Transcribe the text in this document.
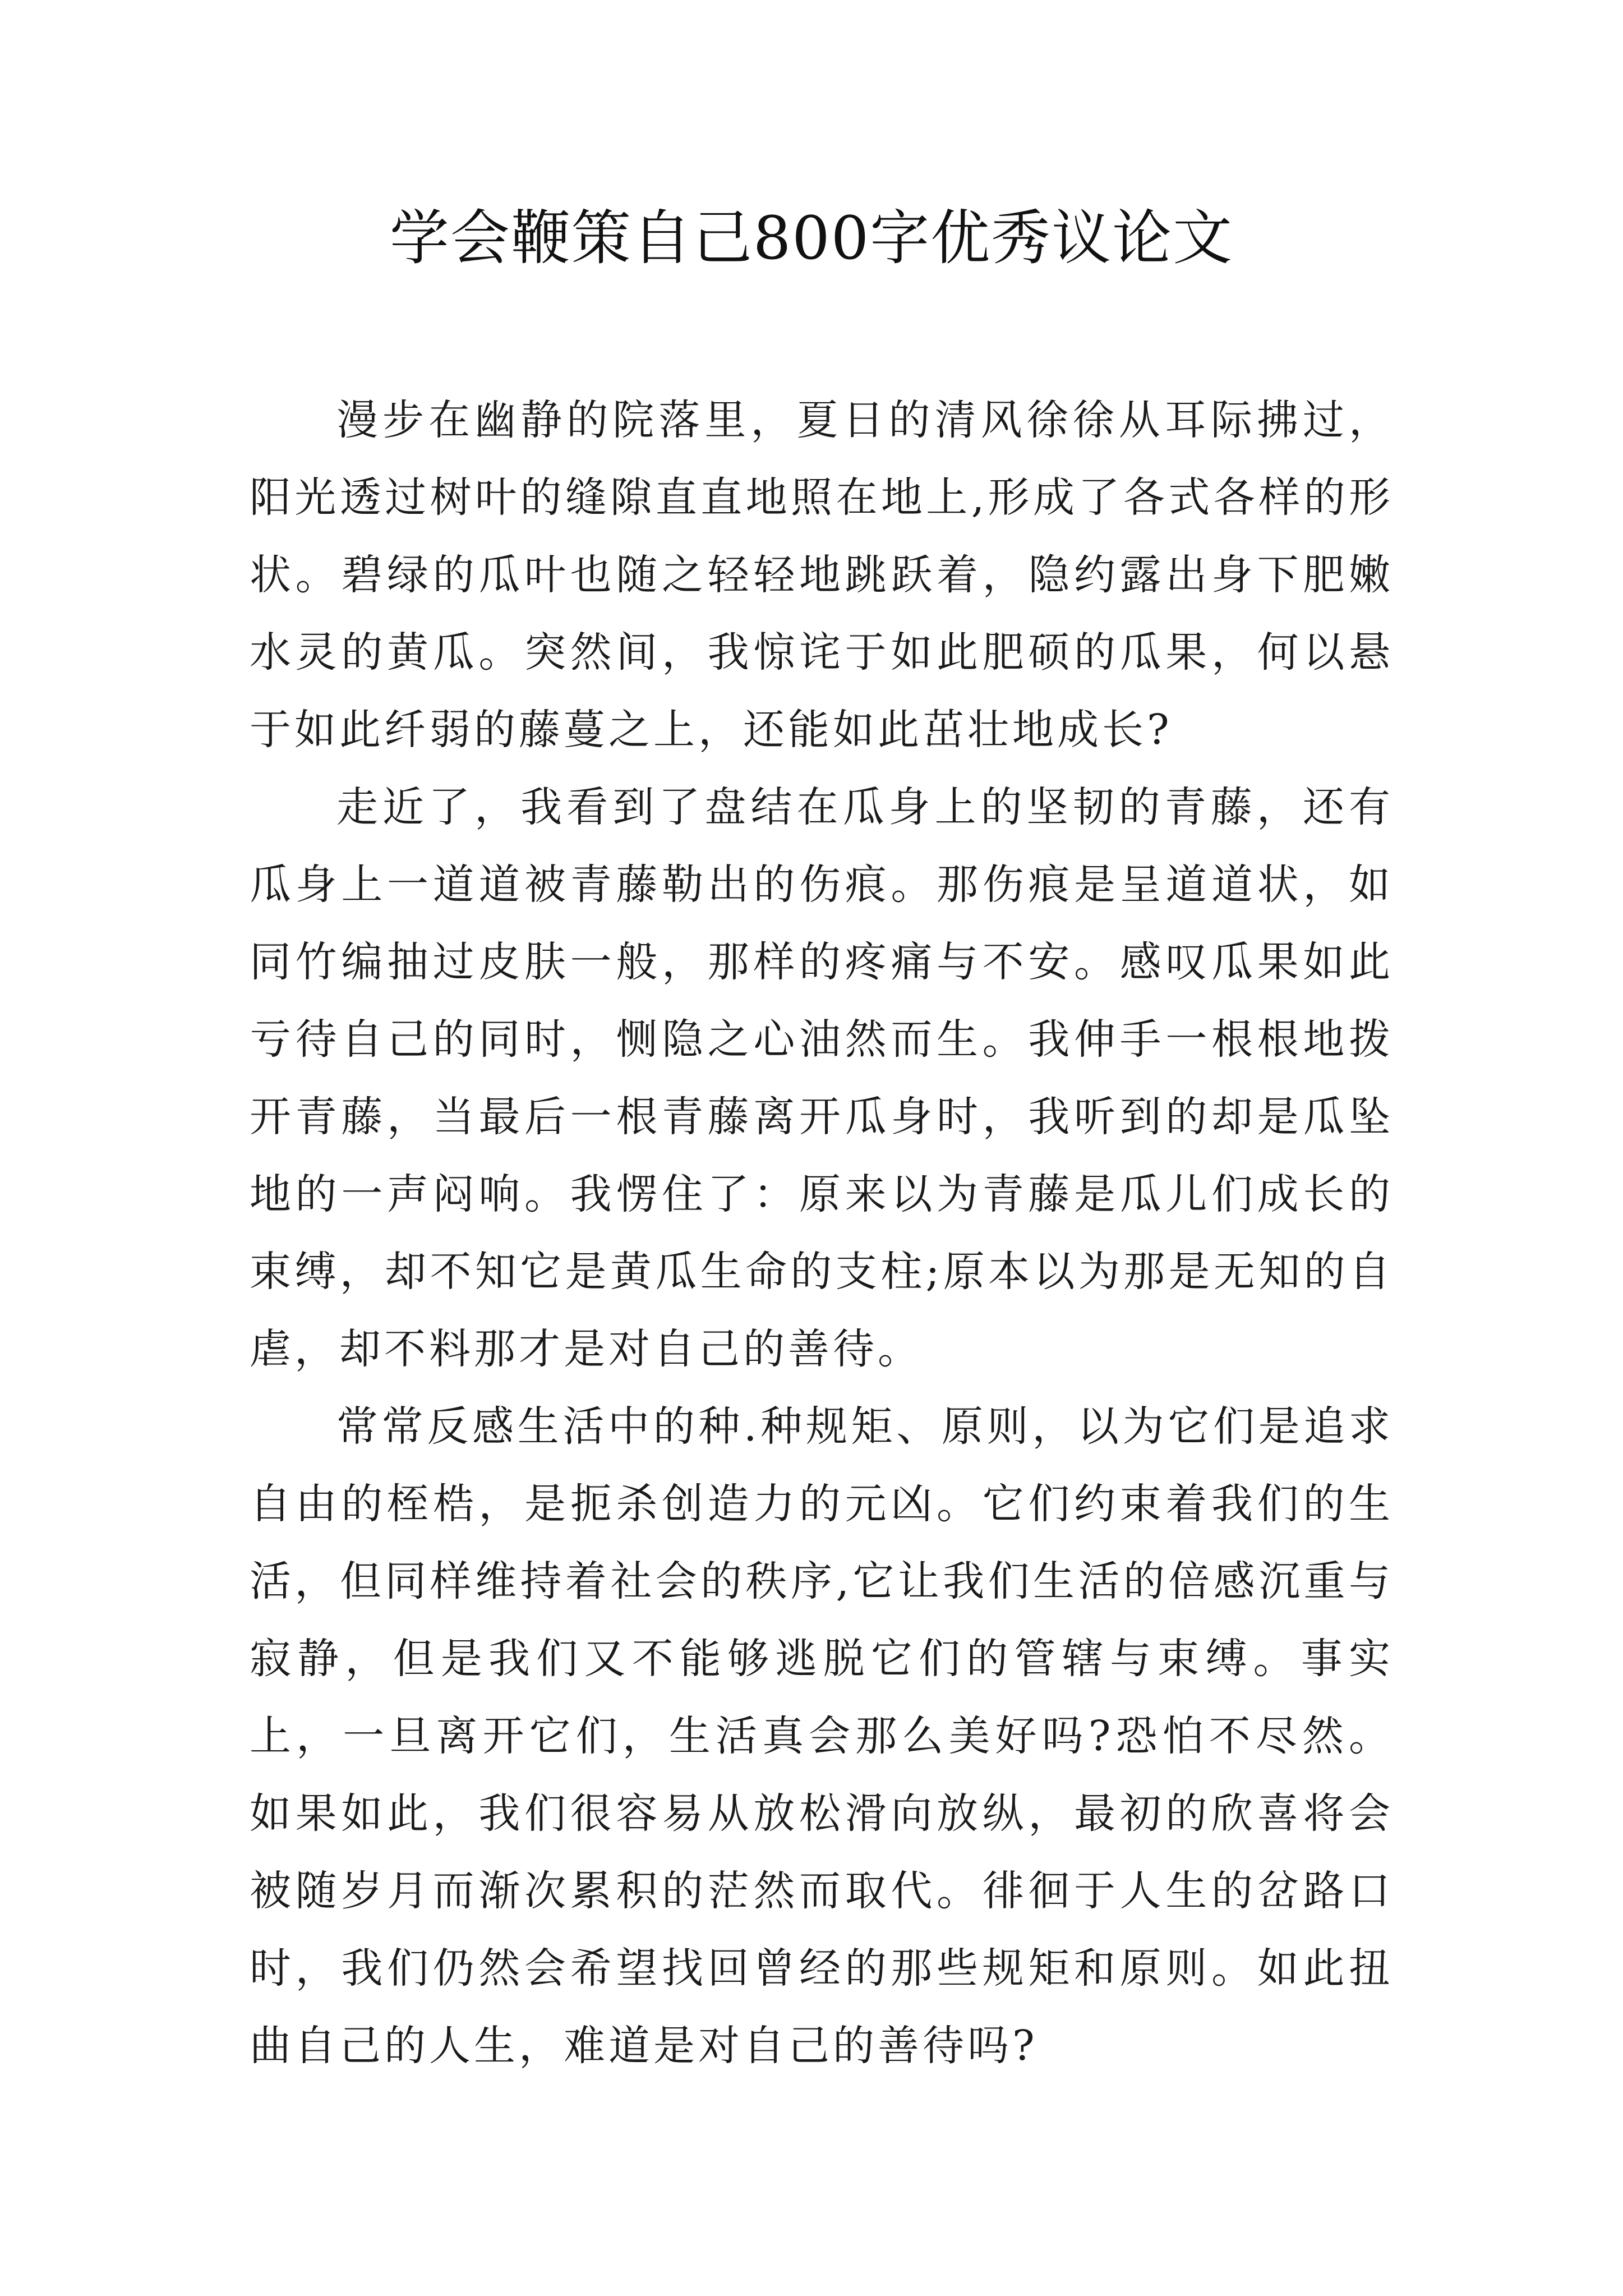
学会鞭策自己800字优秀议论文

漫步在幽静的院落里，夏日的清风徐徐从耳际拂过，阳光透过树叶的缝隙直直地照在地上,形成了各式各样的形状。碧绿的瓜叶也随之轻轻地跳跃着，隐约露出身下肥嫩水灵的黄瓜。突然间，我惊诧于如此肥硕的瓜果，何以悬于如此纤弱的藤蔓之上，还能如此茁壮地成长?

走近了，我看到了盘结在瓜身上的坚韧的青藤，还有瓜身上一道道被青藤勒出的伤痕。那伤痕是呈道道状，如同竹编抽过皮肤一般，那样的疼痛与不安。感叹瓜果如此亏待自己的同时，恻隐之心油然而生。我伸手一根根地拨开青藤，当最后一根青藤离开瓜身时，我听到的却是瓜坠地的一声闷响。我愣住了：原来以为青藤是瓜儿们成长的束缚，却不知它是黄瓜生命的支柱;原本以为那是无知的自虐，却不料那才是对自己的善待。

常常反感生活中的种.种规矩、原则，以为它们是追求自由的桎梏，是扼杀创造力的元凶。它们约束着我们的生活，但同样维持着社会的秩序,它让我们生活的倍感沉重与寂静，但是我们又不能够逃脱它们的管辖与束缚。事实上，一旦离开它们，生活真会那么美好吗?恐怕不尽然。如果如此，我们很容易从放松滑向放纵，最初的欣喜将会被随岁月而渐次累积的茫然而取代。徘徊于人生的岔路口时，我们仍然会希望找回曾经的那些规矩和原则。如此扭曲自己的人生，难道是对自己的善待吗?
